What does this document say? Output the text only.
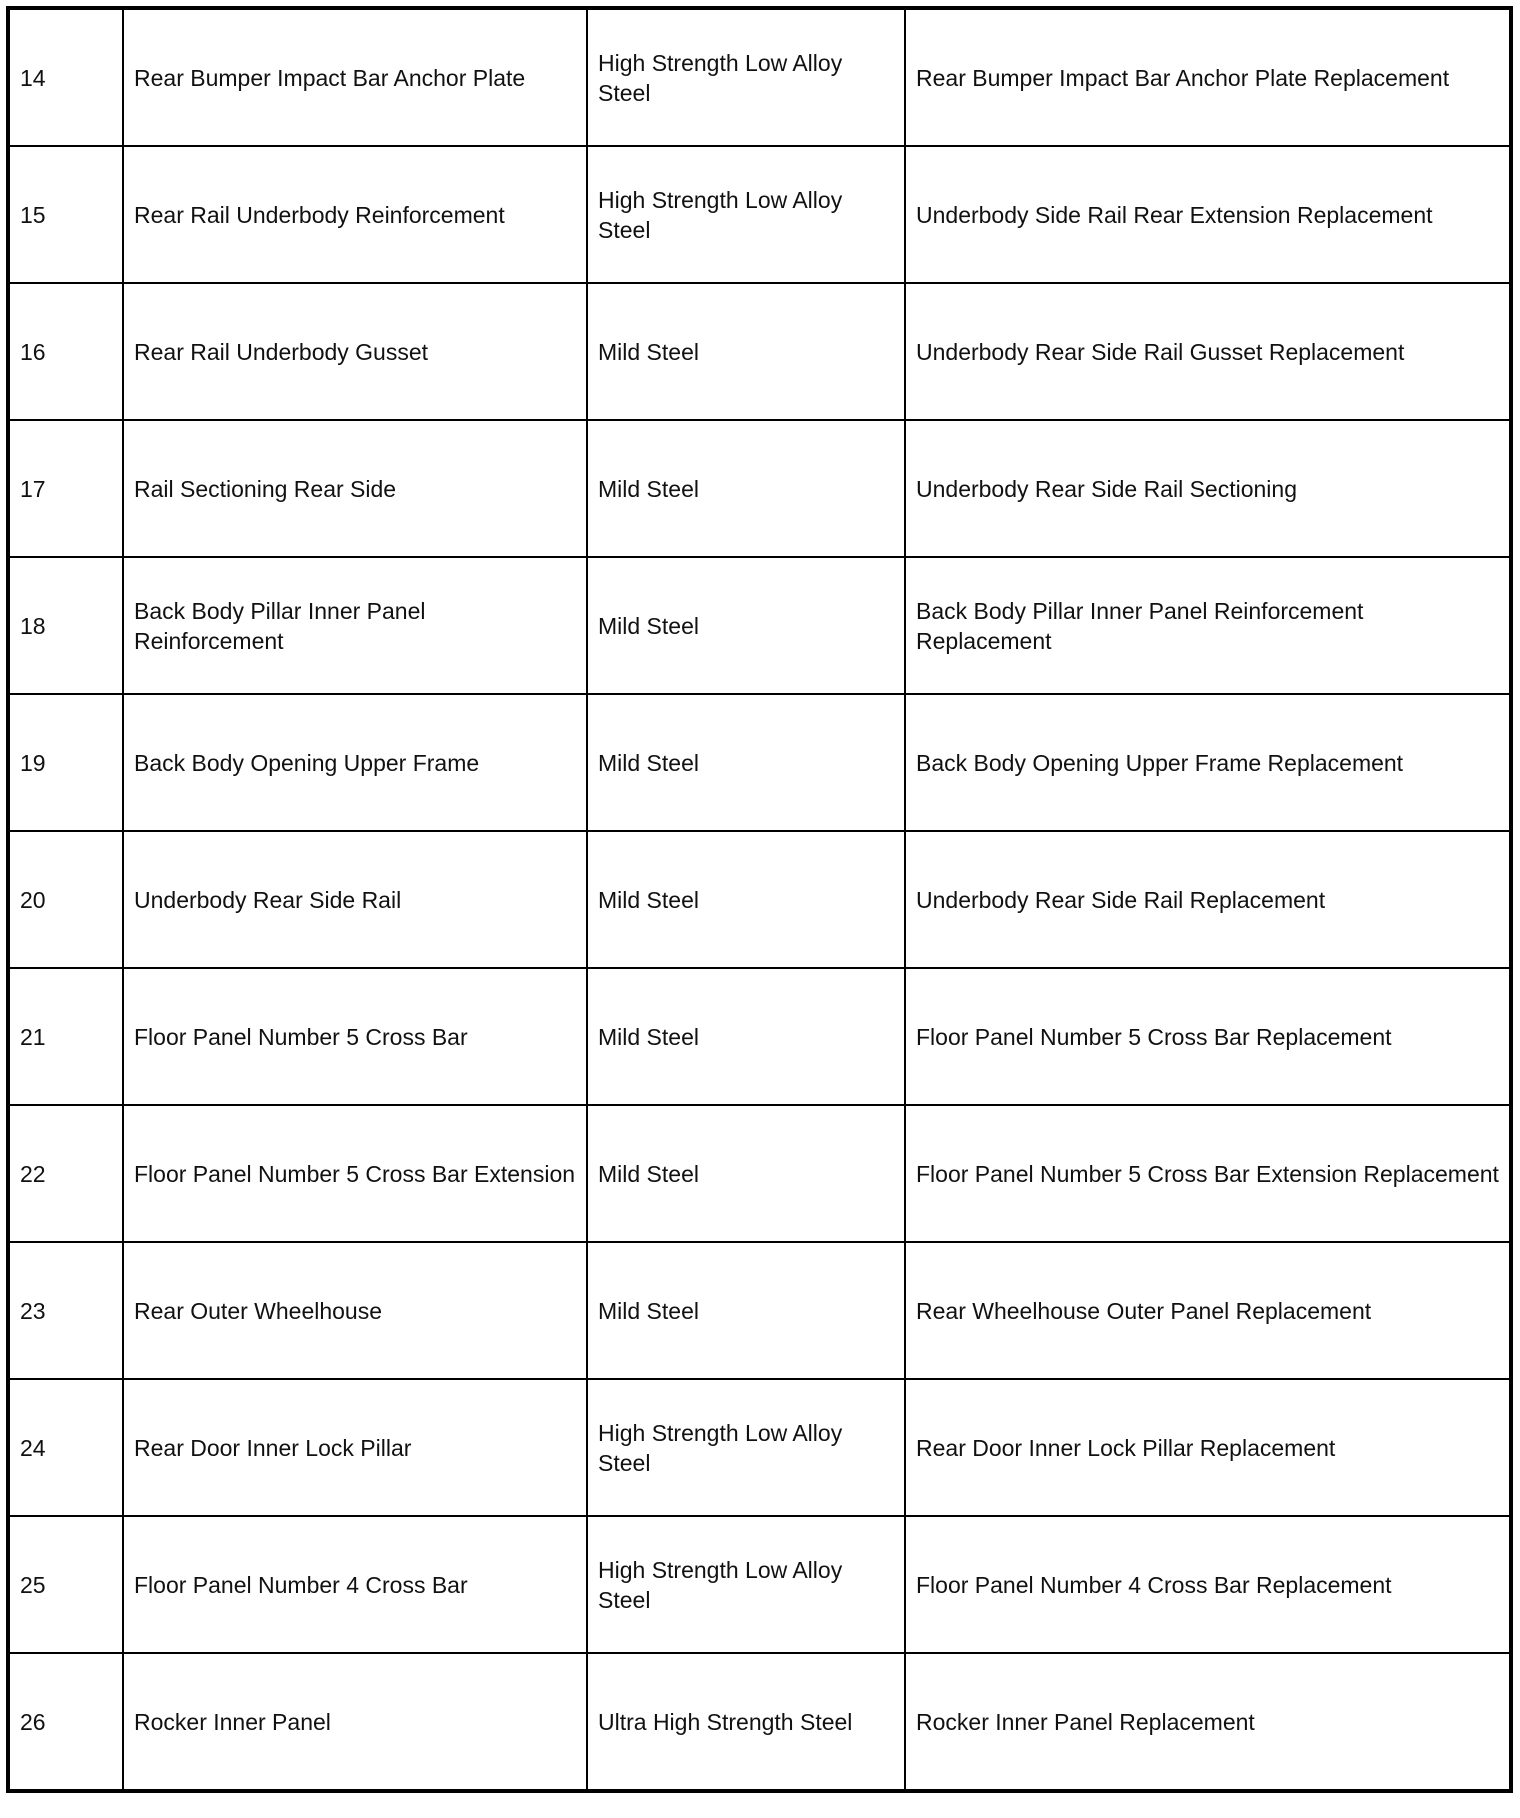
14	Rear Bumper Impact Bar Anchor Plate	High Strength Low Alloy Steel	Rear Bumper Impact Bar Anchor Plate Replacement
15	Rear Rail Underbody Reinforcement	High Strength Low Alloy Steel	Underbody Side Rail Rear Extension Replacement
16	Rear Rail Underbody Gusset	Mild Steel	Underbody Rear Side Rail Gusset Replacement
17	Rail Sectioning Rear Side	Mild Steel	Underbody Rear Side Rail Sectioning
18	Back Body Pillar Inner Panel Reinforcement	Mild Steel	Back Body Pillar Inner Panel Reinforcement Replacement
19	Back Body Opening Upper Frame	Mild Steel	Back Body Opening Upper Frame Replacement
20	Underbody Rear Side Rail	Mild Steel	Underbody Rear Side Rail Replacement
21	Floor Panel Number 5 Cross Bar	Mild Steel	Floor Panel Number 5 Cross Bar Replacement
22	Floor Panel Number 5 Cross Bar Extension	Mild Steel	Floor Panel Number 5 Cross Bar Extension Replacement
23	Rear Outer Wheelhouse	Mild Steel	Rear Wheelhouse Outer Panel Replacement
24	Rear Door Inner Lock Pillar	High Strength Low Alloy Steel	Rear Door Inner Lock Pillar Replacement
25	Floor Panel Number 4 Cross Bar	High Strength Low Alloy Steel	Floor Panel Number 4 Cross Bar Replacement
26	Rocker Inner Panel	Ultra High Strength Steel	Rocker Inner Panel Replacement
